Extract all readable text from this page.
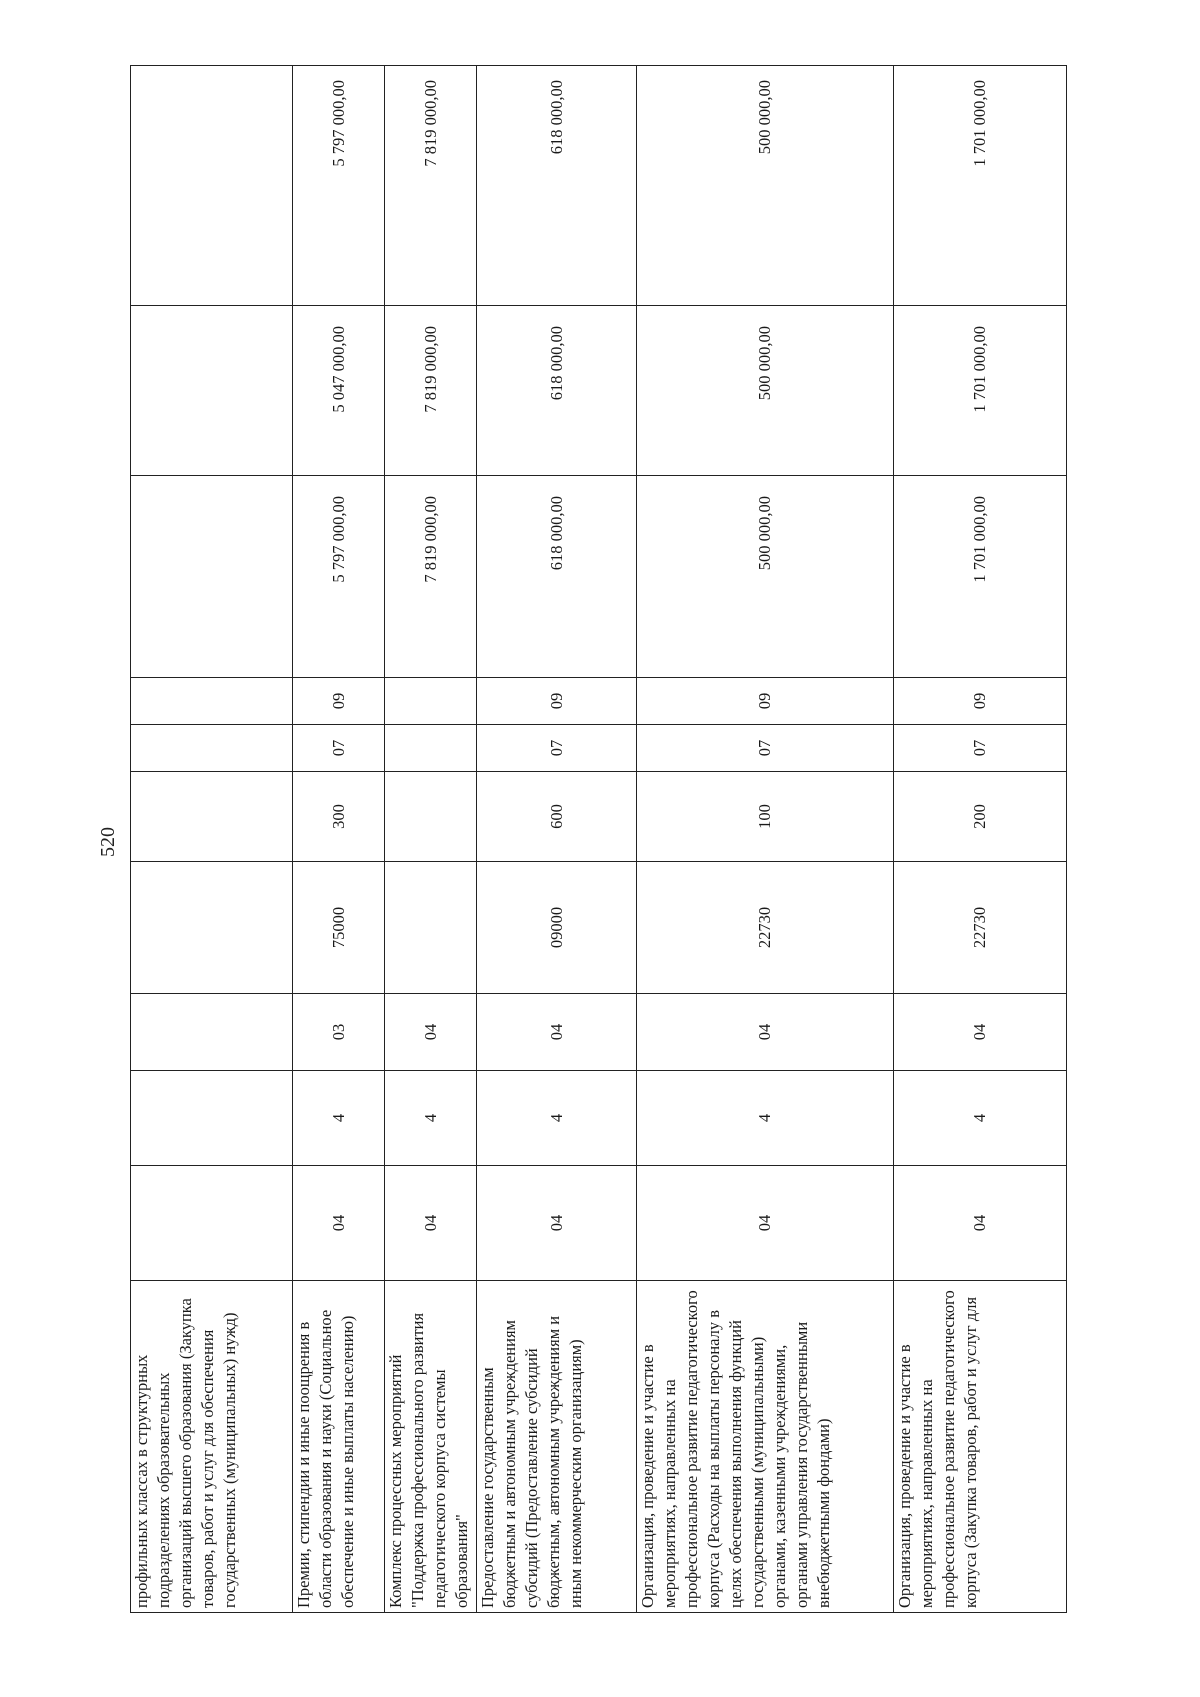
520
профильных классах в структурных подразделениях образовательных организаций высшего образования (Закупка товаров, работ и услуг для обеспечения государственных (муниципальных) нужд)										
Премии, стипендии и иные поощрения в области образования и науки (Социальное обеспечение и иные выплаты населению)	04	4	03	75000	300	07	09	5 797 000,00	5 047 000,00	5 797 000,00
Комплекс процессных мероприятий "Поддержка профессионального развития педагогического корпуса системы образования"	04	4	04					7 819 000,00	7 819 000,00	7 819 000,00
Предоставление государственным бюджетным и автономным учреждениям субсидий (Предоставление субсидий бюджетным, автономным учреждениям и иным некоммерческим организациям)	04	4	04	09000	600	07	09	618 000,00	618 000,00	618 000,00
Организация, проведение и участие в мероприятиях, направленных на профессиональное развитие педагогического корпуса (Расходы на выплаты персоналу в целях обеспечения выполнения функций государственными (муниципальными) органами, казенными учреждениями, органами управления государственными внебюджетными фондами)	04	4	04	22730	100	07	09	500 000,00	500 000,00	500 000,00
Организация, проведение и участие в мероприятиях, направленных на профессиональное развитие педагогического корпуса (Закупка товаров, работ и услуг для	04	4	04	22730	200	07	09	1 701 000,00	1 701 000,00	1 701 000,00
